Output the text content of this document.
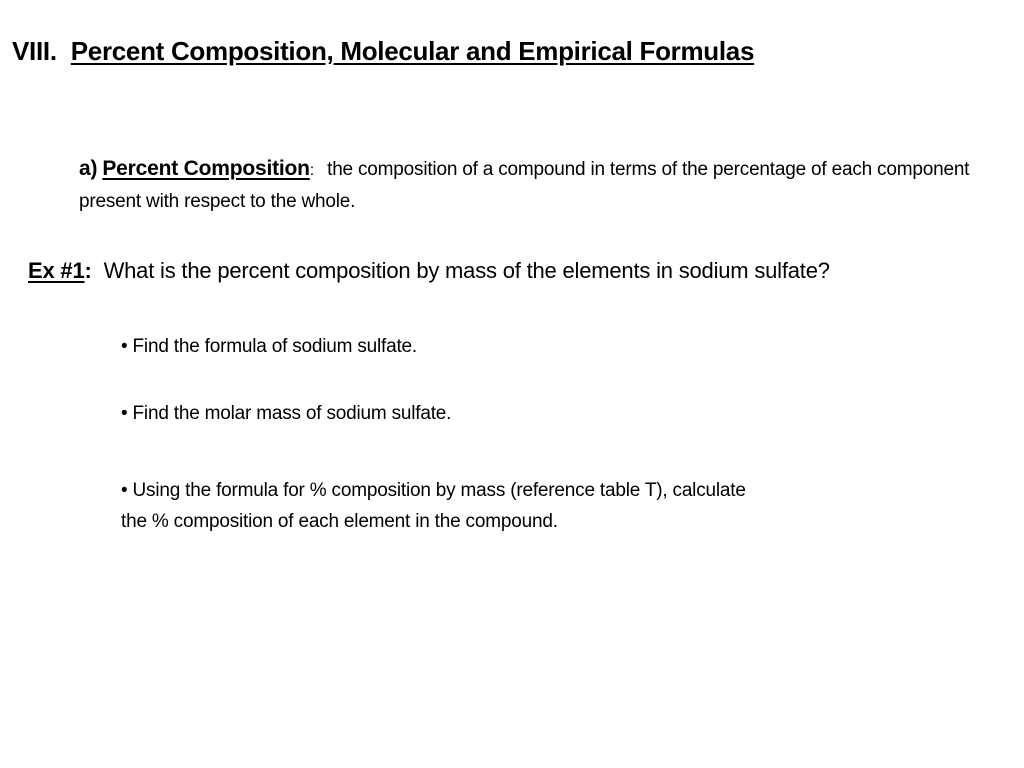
VIII. Percent Composition, Molecular and Empirical Formulas
a) Percent Composition: the composition of a compound in terms of the percentage of each component present with respect to the whole.
Ex #1: What is the percent composition by mass of the elements in sodium sulfate?
• Find the formula of sodium sulfate.
• Find the molar mass of sodium sulfate.
• Using the formula for % composition by mass (reference table T), calculate the % composition of each element in the compound.
